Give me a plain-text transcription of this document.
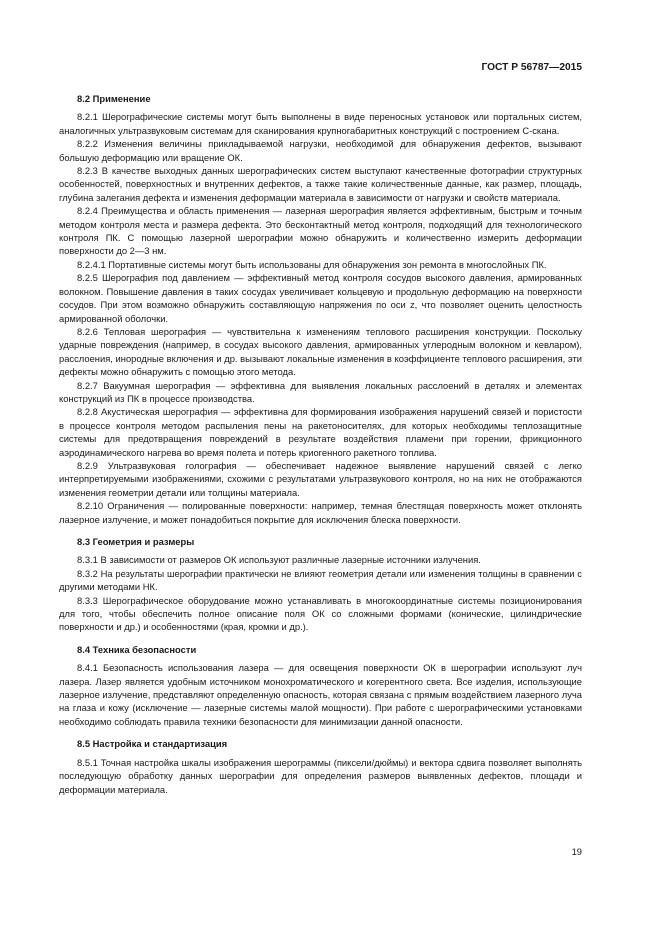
ГОСТ Р 56787—2015
8.2 Применение

8.2.1 Шерографические системы могут быть выполнены в виде переносных установок или портальных систем, аналогичных ультразвуковым системам для сканирования крупногабаритных конструкций с построением С-скана.

8.2.2 Изменения величины прикладываемой нагрузки, необходимой для обнаружения дефектов, вызывают большую деформацию или вращение ОК.

8.2.3 В качестве выходных данных шерографических систем выступают качественные фотографии структурных особенностей, поверхностных и внутренних дефектов, а также такие количественные данные, как размер, площадь, глубина залегания дефекта и изменения деформации материала в зависимости от нагрузки и свойств материала.

8.2.4 Преимущества и область применения — лазерная шерография является эффективным, быстрым и точным методом контроля места и размера дефекта. Это бесконтактный метод контроля, подходящий для технологического контроля ПК. С помощью лазерной шерографии можно обнаружить и количественно измерить деформации поверхности до 2—3 нм.

8.2.4.1 Портативные системы могут быть использованы для обнаружения зон ремонта в многослойных ПК.

8.2.5 Шерография под давлением — эффективный метод контроля сосудов высокого давления, армированных волокном. Повышение давления в таких сосудах увеличивает кольцевую и продольную деформацию на поверхности сосудов. При этом возможно обнаружить составляющую напряжения по оси z, что позволяет оценить целостность армированной оболочки.

8.2.6 Тепловая шерография — чувствительна к изменениям теплового расширения конструкции. Поскольку ударные повреждения (например, в сосудах высокого давления, армированных углеродным волокном и кевларом), расслоения, инородные включения и др. вызывают локальные изменения в коэффициенте теплового расширения, эти дефекты можно обнаружить с помощью этого метода.

8.2.7 Вакуумная шерография — эффективна для выявления локальных расслоений в деталях и элементах конструкций из ПК в процессе производства.

8.2.8 Акустическая шерография — эффективна для формирования изображения нарушений связей и пористости в процессе контроля методом распыления пены на ракетоносителях, для которых необходимы теплозащитные системы для предотвращения повреждений в результате воздействия пламени при горении, фрикционного аэродинамического нагрева во время полета и потерь криогенного ракетного топлива.

8.2.9 Ультразвуковая голография — обеспечивает надежное выявление нарушений связей с легко интерпретируемыми изображениями, схожими с результатами ультразвукового контроля, но на них не отображаются изменения геометрии детали или толщины материала.

8.2.10 Ограничения — полированные поверхности: например, темная блестящая поверхность может отклонять лазерное излучение, и может понадобиться покрытие для исключения блеска поверхности.

8.3 Геометрия и размеры

8.3.1 В зависимости от размеров ОК используют различные лазерные источники излучения.

8.3.2 На результаты шерографии практически не влияют геометрия детали или изменения толщины в сравнении с другими методами НК.

8.3.3 Шерографическое оборудование можно устанавливать в многокоординатные системы позиционирования для того, чтобы обеспечить полное описание поля ОК со сложными формами (конические, цилиндрические поверхности и др.) и особенностями (края, кромки и др.).

8.4 Техника безопасности

8.4.1 Безопасность использования лазера — для освещения поверхности ОК в шерографии используют луч лазера. Лазер является удобным источником монохроматического и когерентного света. Все изделия, использующие лазерное излучение, представляют определенную опасность, которая связана с прямым воздействием лазерного луча на глаза и кожу (исключение — лазерные системы малой мощности). При работе с шерографическими установками необходимо соблюдать правила техники безопасности для минимизации данной опасности.

8.5 Настройка и стандартизация

8.5.1 Точная настройка шкалы изображения шерограммы (пиксели/дюймы) и вектора сдвига позволяет выполнять последующую обработку данных шерографии для определения размеров выявленных дефектов, площади и деформации материала.

19
